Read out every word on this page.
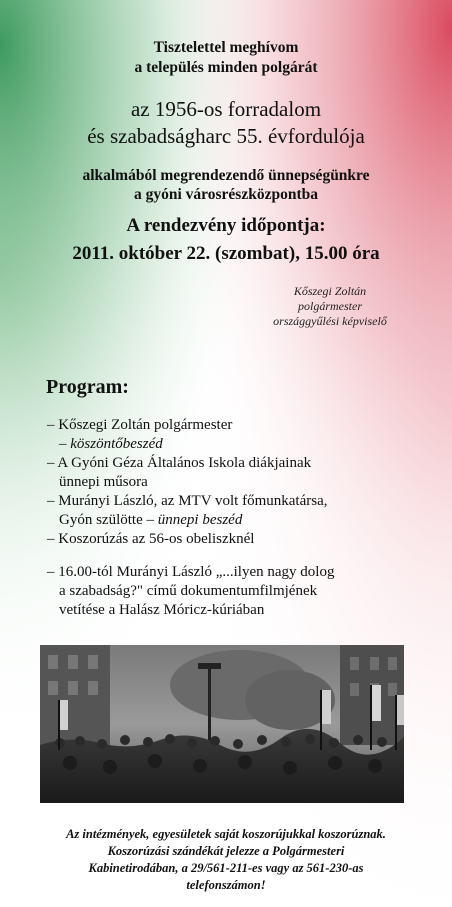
Tisztelettel meghívom
a település minden polgárát
az 1956-os forradalom
és szabadságharc 55. évfordulója
alkalmából megrendezendő ünnepségünkre
a gyóni városrészközpontba
A rendezvény időpontja:
2011. október 22. (szombat), 15.00 óra
Kőszegi Zoltán
polgármester
országgyűlési képviselő
Program:
– Kőszegi Zoltán polgármester
– köszöntőbeszéd
– A Gyóni Géza Általános Iskola diákjainak
ünnepi műsora
– Murányi László, az MTV volt főmunkatársa,
Gyón szülötte – ünnepi beszéd
– Koszorúzás az 56-os obeliszknél
– 16.00-tól Murányi László „...ilyen nagy dolog
a szabadság?" című dokumentumfilmjének
vetítése a Halász Móricz-kúriában
Az intézmények, egyesületek saját koszorújukkal koszorúznak.
Koszorúzási szándékát jelezze a Polgármesteri
Kabinetirodában, a 29/561-211-es vagy az 561-230-as
telefonszámon!
